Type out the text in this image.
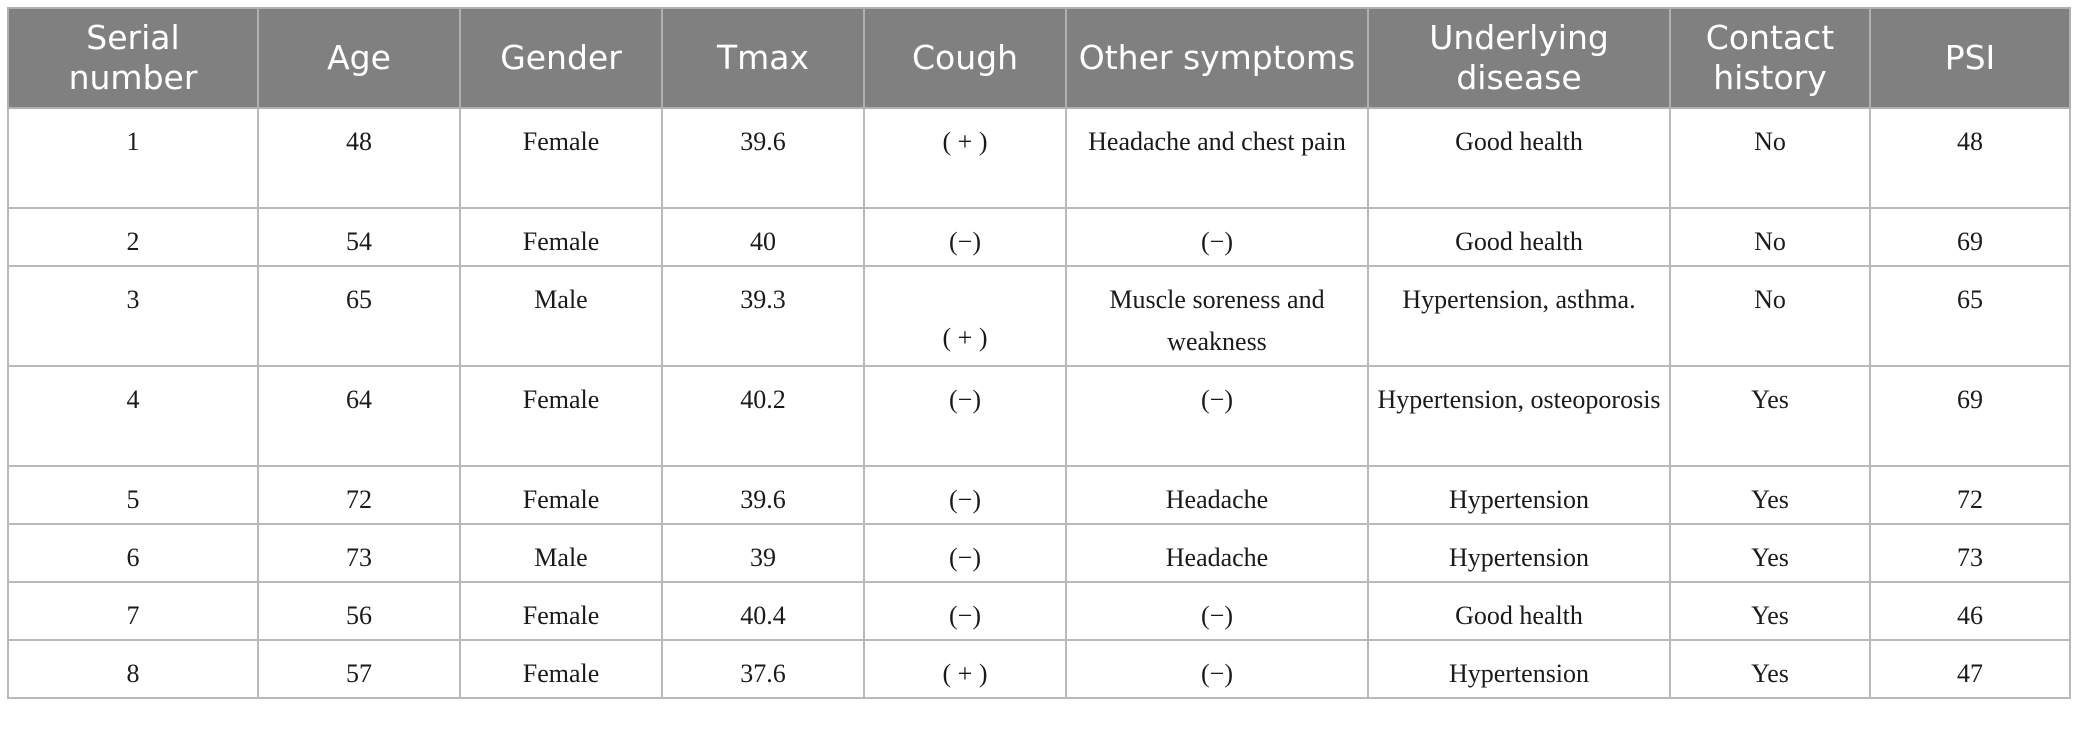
Serial number	Age	Gender	Tmax	Cough	Other symptoms	Underlying disease	Contact history	PSI
1	48	Female	39.6	( + )	Headache and chest pain	Good health	No	48
2	54	Female	40	(−)	(−)	Good health	No	69
3	65	Male	39.3	( + )	Muscle soreness and weakness	Hypertension, asthma.	No	65
4	64	Female	40.2	(−)	(−)	Hypertension, osteoporosis	Yes	69
5	72	Female	39.6	(−)	Headache	Hypertension	Yes	72
6	73	Male	39	(−)	Headache	Hypertension	Yes	73
7	56	Female	40.4	(−)	(−)	Good health	Yes	46
8	57	Female	37.6	( + )	(−)	Hypertension	Yes	47
